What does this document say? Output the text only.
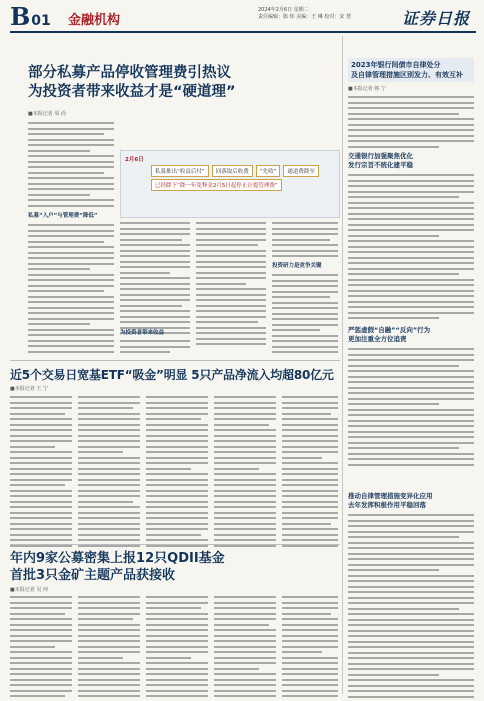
B 01 金融机构
2024年2月6日 星期二
责任编辑：陈 炜 美编：王 琳 校对：宋 慧	证券日报
部分私募产品停收管理费引热议
为投资者带来收益才是“硬道理”
■本报记者 周 尚
私募“入户”与管理费“降低”
2月6日
私募推出“收益后付”	回落取后收费	“先收”	通道费降至
已经降下“降一年免释金2月5日起停止计提管理费”
为投资者带来收益
投资研力是竞争关键
2023年银行间债市自律处分
及自律管理措施区别发力、有效互补
■本报记者 韩 宁
交通银行加强聚焦优化
发行宗旨不统化建平稳
严惩虚假“自融”“反向”行为
更加注重全方位追责
推动自律管理措施变异化应用
去年发挥积极作用平稳回落
近5个交易日宽基ETF“吸金”明显 5只产品净流入均超80亿元
■本报记者 王 宁
年内9家公募密集上报12只QDII基金
首批3只金矿主题产品获接收
■本报记者 吴 珂
